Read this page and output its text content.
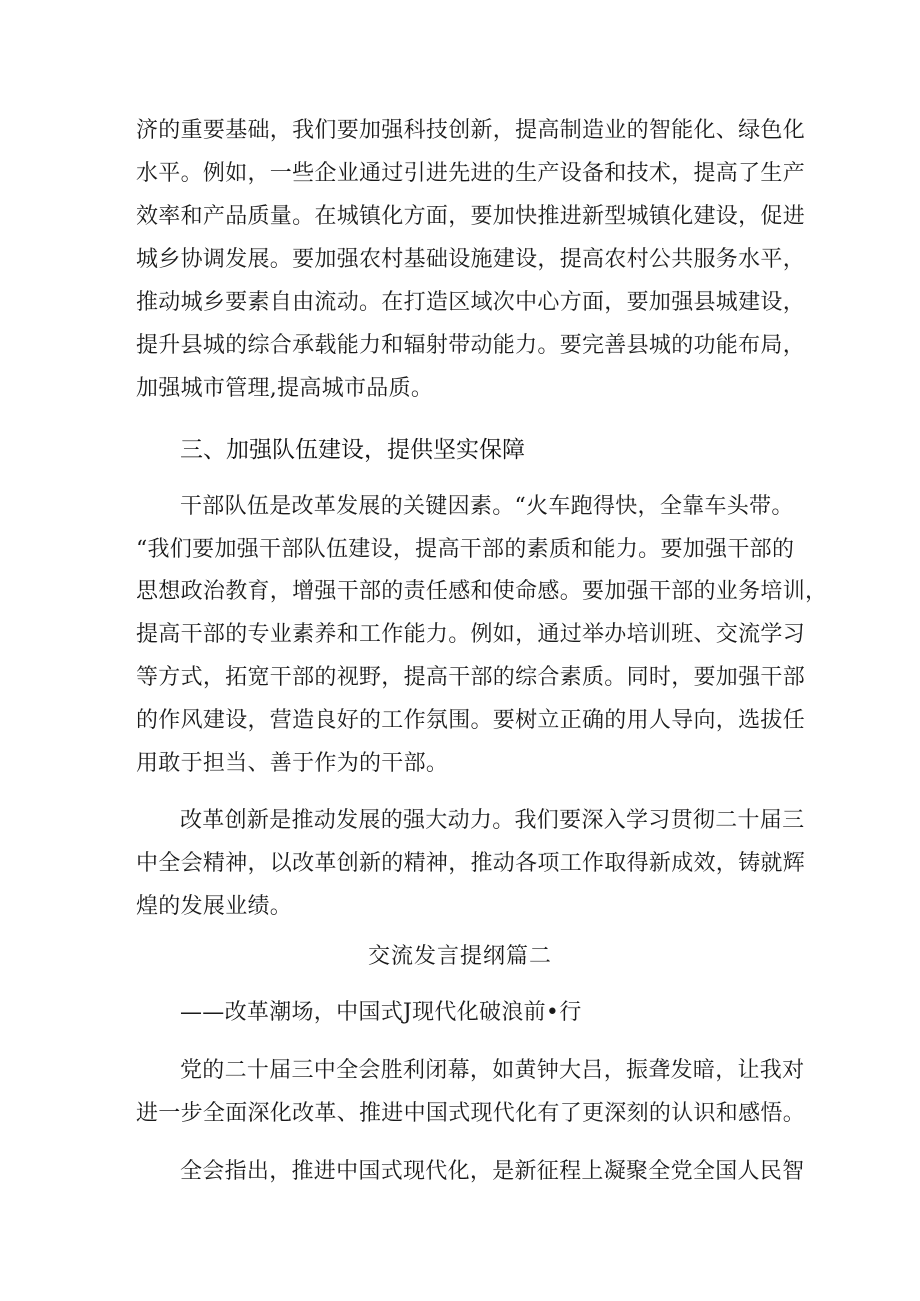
济的重要基础，我们要加强科技创新，提高制造业的智能化、绿色化
水平。例如，一些企业通过引进先进的生产设备和技术，提高了生产
效率和产品质量。在城镇化方面，要加快推进新型城镇化建设，促进
城乡协调发展。要加强农村基础设施建设，提高农村公共服务水平，
推动城乡要素自由流动。在打造区域次中心方面，要加强县城建设，
提升县城的综合承载能力和辐射带动能力。要完善县城的功能布局，
加强城市管理,提高城市品质。
三、加强队伍建设，提供坚实保障
干部队伍是改革发展的关键因素。“火车跑得快，全靠车头带。
“我们要加强干部队伍建设，提高干部的素质和能力。要加强干部的
思想政治教育，增强干部的责任感和使命感。要加强干部的业务培训，
提高干部的专业素养和工作能力。例如，通过举办培训班、交流学习
等方式，拓宽干部的视野，提高干部的综合素质。同时，要加强干部
的作风建设，营造良好的工作氛围。要树立正确的用人导向，选拔任
用敢于担当、善于作为的干部。
改革创新是推动发展的强大动力。我们要深入学习贯彻二十届三
中全会精神，以改革创新的精神，推动各项工作取得新成效，铸就辉
煌的发展业绩。
交流发言提纲篇二
——改革潮场，中国式J现代化破浪前•行
党的二十届三中全会胜利闭幕，如黄钟大吕，振聋发暗，让我对
进一步全面深化改革、推进中国式现代化有了更深刻的认识和感悟。
全会指出，推进中国式现代化，是新征程上凝聚全党全国人民智
